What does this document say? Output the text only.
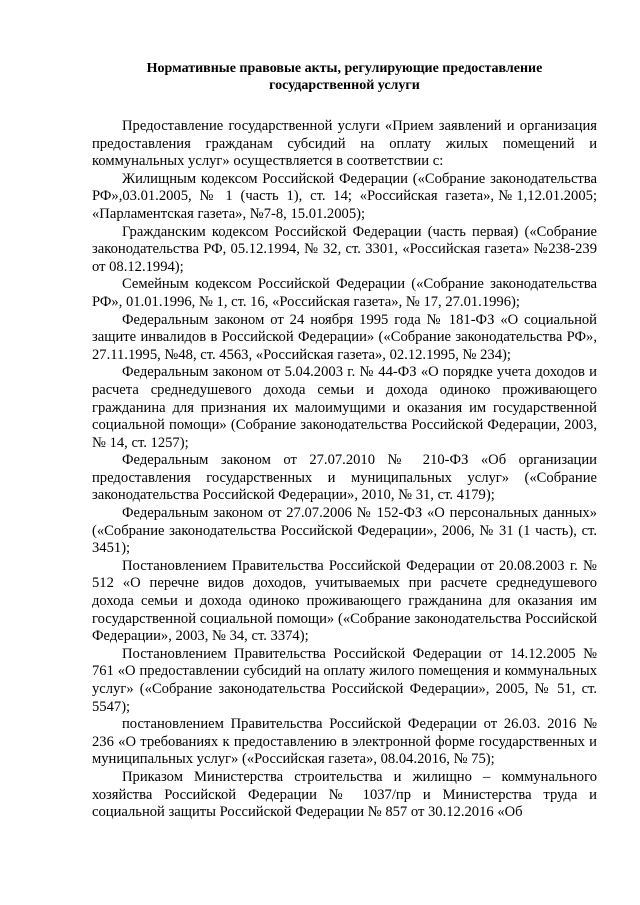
Нормативные правовые акты, регулирующие предоставление
государственной услуги

Предоставление государственной услуги «Прием заявлений и организация предоставления гражданам субсидий на оплату жилых помещений и коммунальных услуг» осуществляется в соответствии с:

Жилищным кодексом Российской Федерации («Собрание законодательства РФ»,03.01.2005, № 1 (часть 1), ст. 14; «Российская газета»,№1,12.01.2005; «Парламентская газета», №7-8, 15.01.2005);

Гражданским кодексом Российской Федерации (часть первая) («Собрание законодательства РФ, 05.12.1994, № 32, ст. 3301, «Российская газета» №238-239 от 08.12.1994);

Семейным кодексом Российской Федерации («Собрание законодательства РФ», 01.01.1996, № 1, ст. 16, «Российская газета», № 17, 27.01.1996);

Федеральным законом от 24 ноября 1995 года № 181-ФЗ «О социальной защите инвалидов в Российской Федерации» («Собрание законодательства РФ», 27.11.1995, №48, ст. 4563, «Российская газета», 02.12.1995, № 234);

Федеральным законом от 5.04.2003 г. № 44-ФЗ «О порядке учета доходов и расчета среднедушевого дохода семьи и дохода одиноко проживающего гражданина для признания их малоимущими и оказания им государственной социальной помощи» (Собрание законодательства Российской Федерации, 2003, № 14, ст. 1257);

Федеральным законом от 27.07.2010 № 210-ФЗ «Об организации предоставления государственных и муниципальных услуг» («Собрание законодательства Российской Федерации», 2010, № 31, ст. 4179);

Федеральным законом от 27.07.2006 № 152-ФЗ «О персональных данных» («Собрание законодательства Российской Федерации», 2006, № 31 (1 часть), ст. 3451);

Постановлением Правительства Российской Федерации от 20.08.2003 г. № 512 «О перечне видов доходов, учитываемых при расчете среднедушевого дохода семьи и дохода одиноко проживающего гражданина для оказания им государственной социальной помощи» («Собрание законодательства Российской Федерации», 2003, № 34, ст. 3374);

Постановлением Правительства Российской Федерации от 14.12.2005 № 761 «О предоставлении субсидий на оплату жилого помещения и коммунальных услуг» («Собрание законодательства Российской Федерации», 2005, № 51, ст. 5547);

постановлением Правительства Российской Федерации от 26.03. 2016 № 236 «О требованиях к предоставлению в электронной форме государственных и муниципальных услуг» («Российская газета», 08.04.2016, № 75);

Приказом Министерства строительства и жилищно – коммунального хозяйства Российской Федерации № 1037/пр и Министерства труда и социальной защиты Российской Федерации № 857 от 30.12.2016 «Об
